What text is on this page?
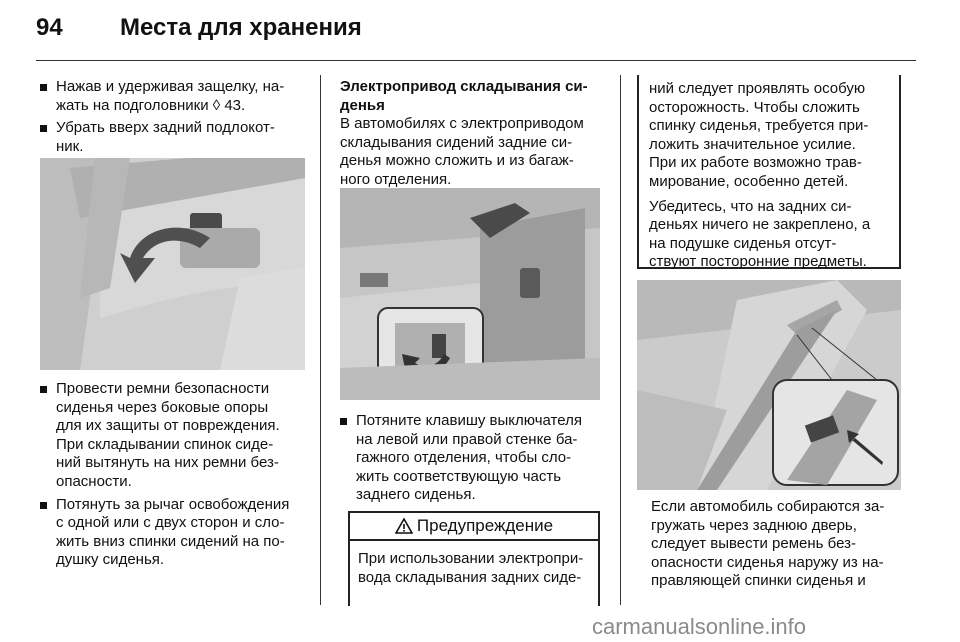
94 Места для хранения

Нажав и удерживая защелку, на-
жать на подголовники ◊ 43.

Убрать вверх задний подлокот-
ник.

Провести ремни безопасности
сиденья через боковые опоры
для их защиты от повреждения.
При складывании спинок сиде-
ний вытянуть на них ремни без-
опасности.

Потянуть за рычаг освобождения
с одной или с двух сторон и сло-
жить вниз спинки сидений на по-
душку сиденья.

Электропривод складывания си-
денья

В автомобилях с электроприводом
складывания сидений задние си-
денья можно сложить и из багаж-
ного отделения.

Потяните клавишу выключателя
на левой или правой стенке ба-
гажного отделения, чтобы сло-
жить соответствующую часть
заднего сиденья.

Предупреждение
При использовании электропри-
вода складывания задних сиде-

ний следует проявлять особую
осторожность. Чтобы сложить
спинку сиденья, требуется при-
ложить значительное усилие.
При их работе возможно трав-
мирование, особенно детей.

Убедитесь, что на задних си-
деньях ничего не закреплено, а
на подушке сиденья отсут-
ствуют посторонние предметы.

Если автомобиль собираются за-
гружать через заднюю дверь,
следует вывести ремень без-
опасности сиденья наружу из на-
правляющей спинки сиденья и

carmanualsonline.info
